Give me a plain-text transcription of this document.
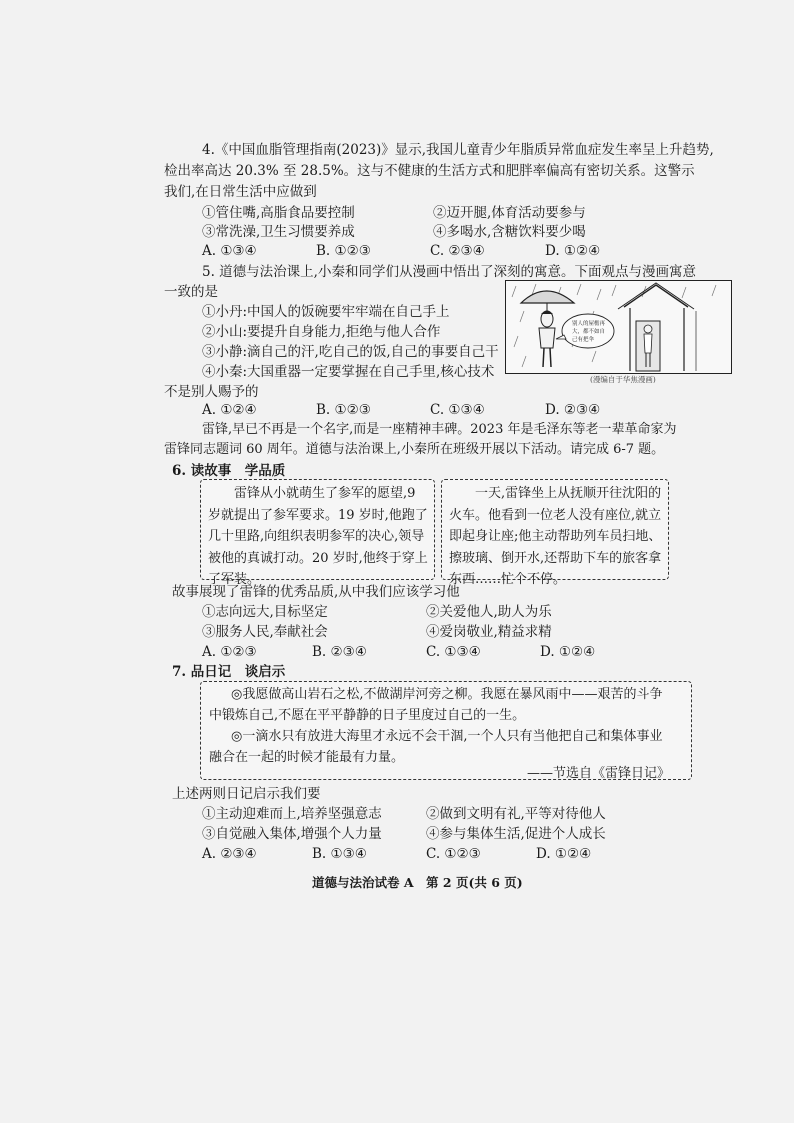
4.《中国血脂管理指南(2023)》显示,我国儿童青少年脂质异常血症发生率呈上升趋势,
检出率高达 20.3% 至 28.5%。这与不健康的生活方式和肥胖率偏高有密切关系。这警示
我们,在日常生活中应做到
①管住嘴,高脂食品要控制	②迈开腿,体育活动要参与
③常洗澡,卫生习惯要养成	④多喝水,含糖饮料要少喝
A. ①③④	B. ①②③	C. ②③④	D. ①②④
5. 道德与法治课上,小秦和同学们从漫画中悟出了深刻的寓意。下面观点与漫画寓意
一致的是
①小丹:中国人的饭碗要牢牢端在自己手上
②小山:要提升自身能力,拒绝与他人合作
③小静:滴自己的汗,吃自己的饭,自己的事要自己干
④小秦:大国重器一定要掌握在自己手里,核心技术
不是别人赐予的
别人的屋檐再
大，都不如自
己有把伞
(漫编自于华焦漫画)
A. ①②④	B. ①②③	C. ①③④	D. ②③④
雷锋,早已不再是一个名字,而是一座精神丰碑。2023 年是毛泽东等老一辈革命家为
雷锋同志题词 60 周年。道德与法治课上,小秦所在班级开展以下活动。请完成 6-7 题。
6. 读故事　学品质
　　雷锋从小就萌生了参军的愿望,9 岁就提出了参军要求。19 岁时,他跑了几十里路,向组织表明参军的决心,领导被他的真诚打动。20 岁时,他终于穿上了军装。
　　一天,雷锋坐上从抚顺开往沈阳的火车。他看到一位老人没有座位,就立即起身让座;他主动帮助列车员扫地、擦玻璃、倒开水,还帮助下车的旅客拿东西……忙个不停。
故事展现了雷锋的优秀品质,从中我们应该学习他
①志向远大,目标坚定	②关爱他人,助人为乐
③服务人民,奉献社会	④爱岗敬业,精益求精
A. ①②③	B. ②③④	C. ①③④	D. ①②④
7. 品日记　谈启示
◎我愿做高山岩石之松,不做湖岸河旁之柳。我愿在暴风雨中——艰苦的斗争
中锻炼自己,不愿在平平静静的日子里度过自己的一生。
◎一滴水只有放进大海里才永远不会干涸,一个人只有当他把自己和集体事业
融合在一起的时候才能最有力量。
——节选自《雷锋日记》
上述两则日记启示我们要
①主动迎难而上,培养坚强意志	②做到文明有礼,平等对待他人
③自觉融入集体,增强个人力量	④参与集体生活,促进个人成长
A. ②③④	B. ①③④	C. ①②③	D. ①②④
道德与法治试卷 A　第 2 页(共 6 页)
